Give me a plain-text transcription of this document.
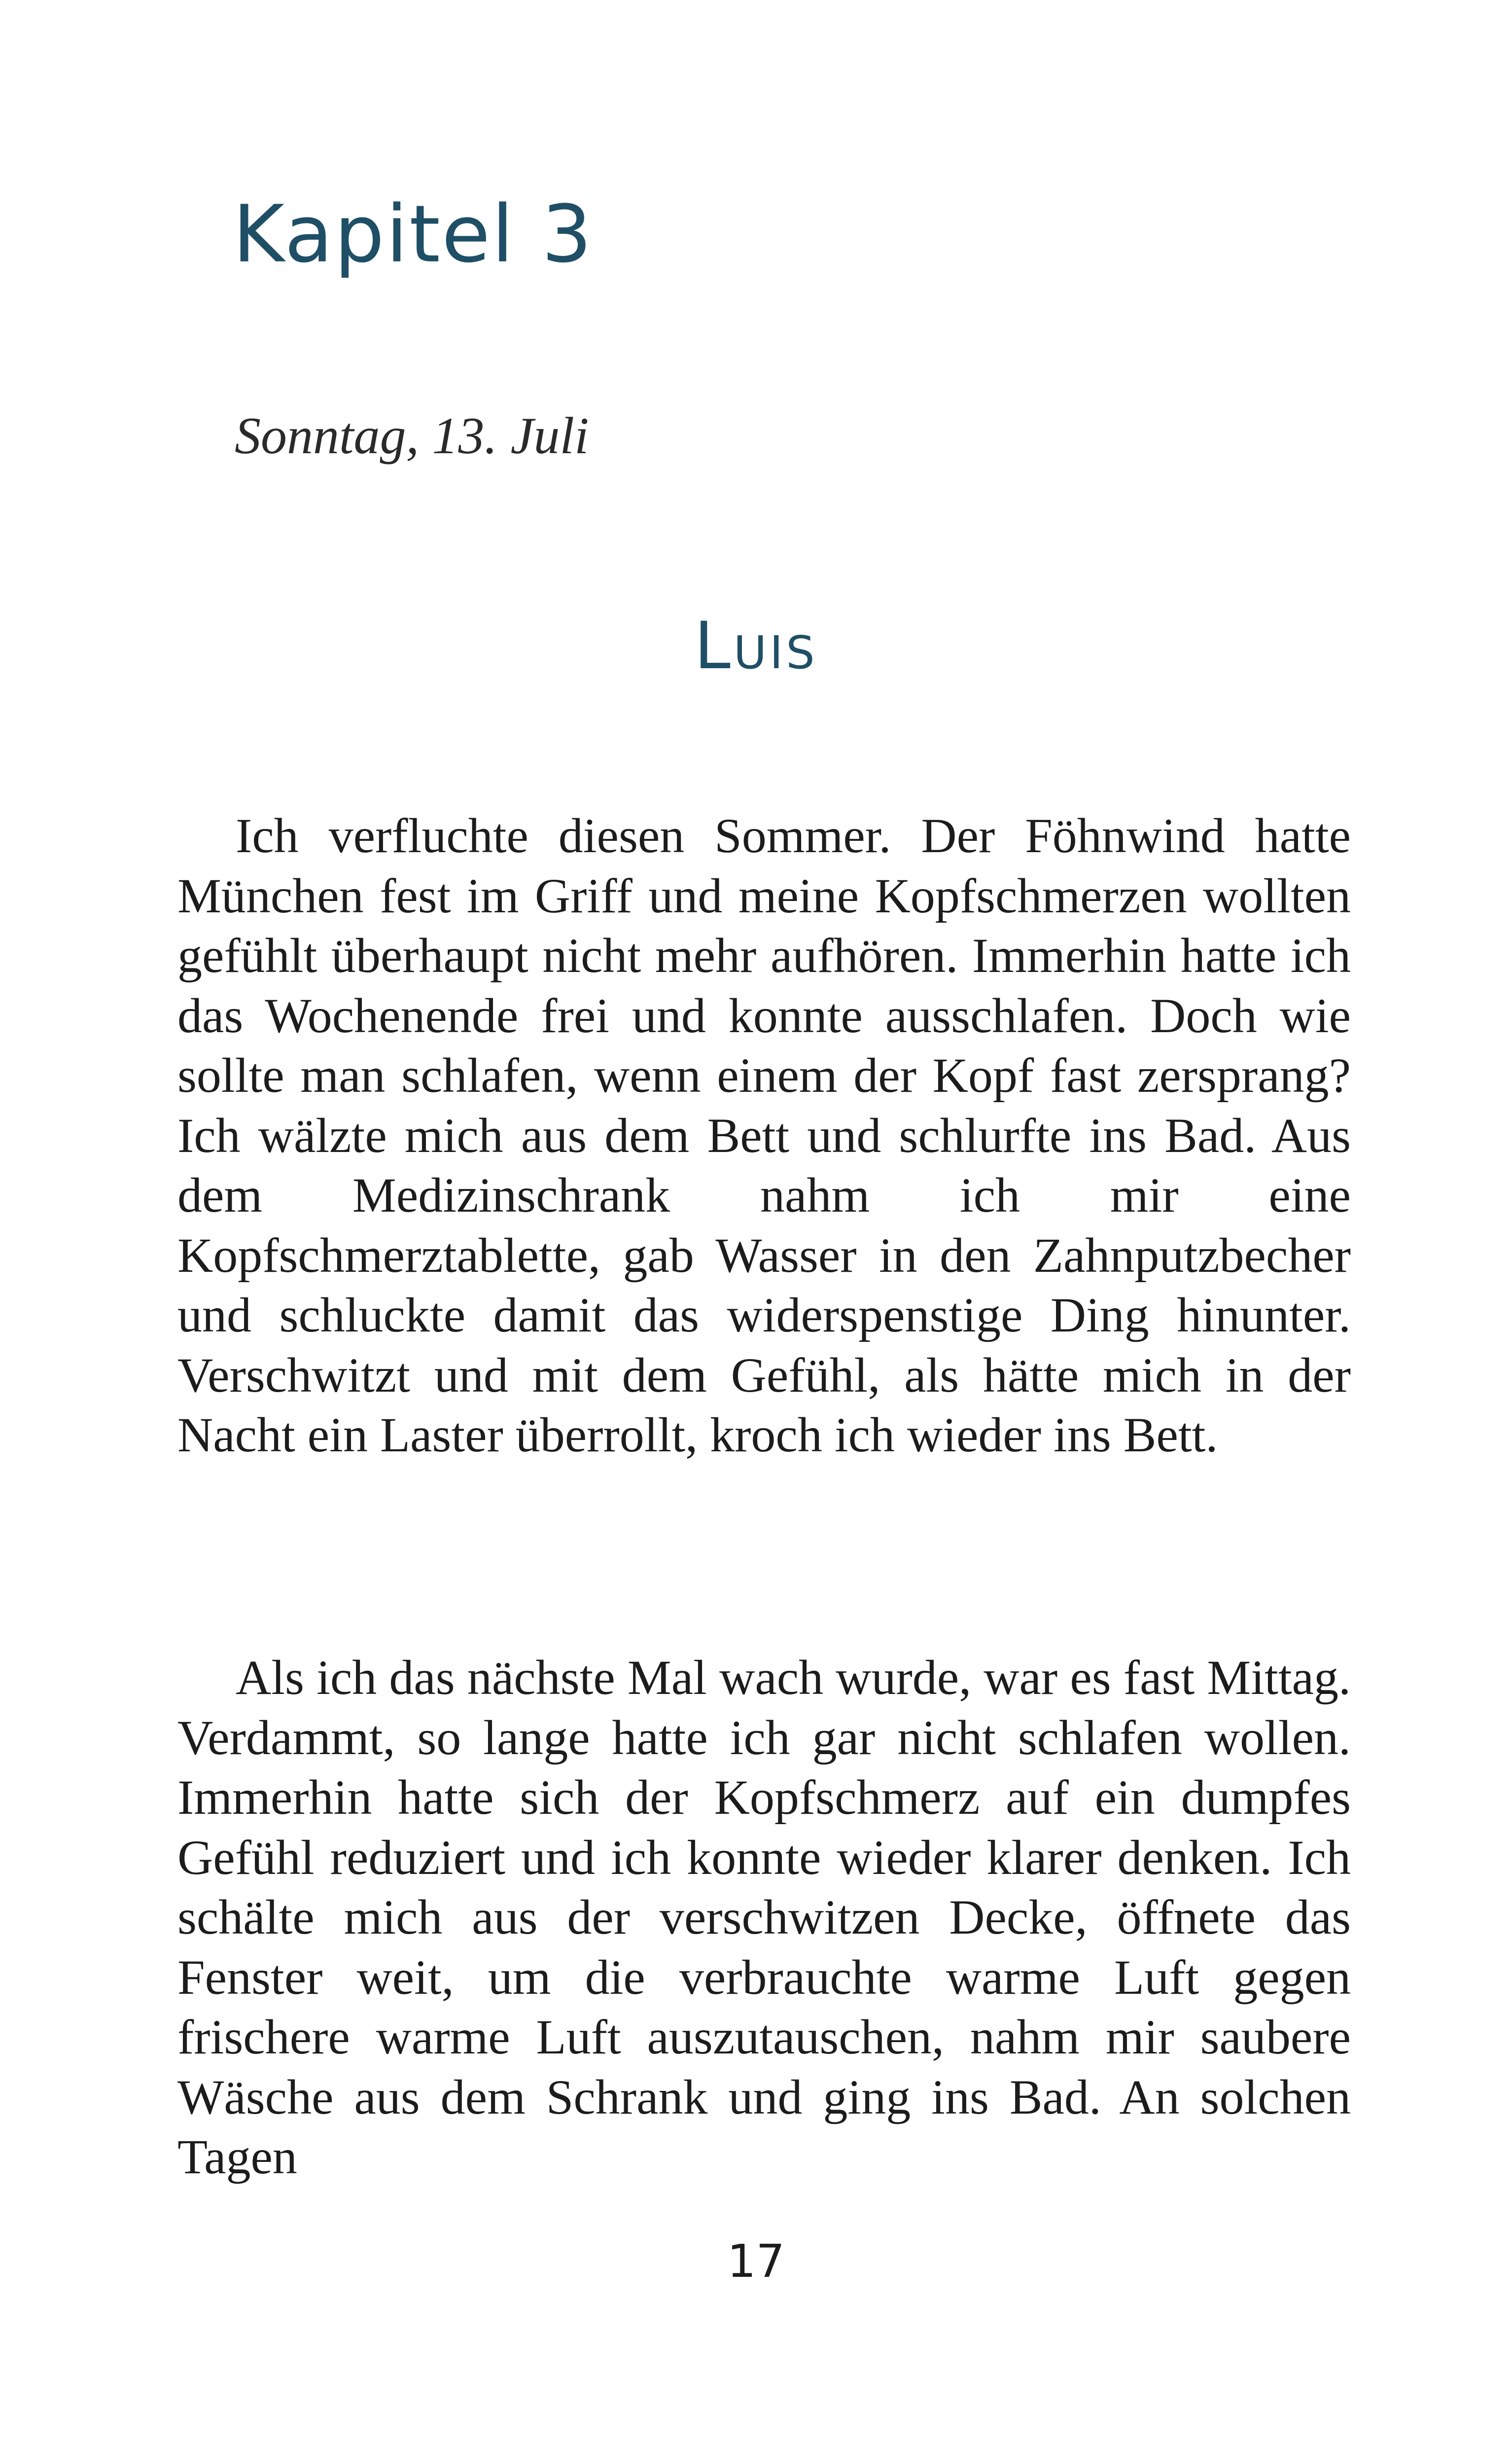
Kapitel 3

Sonntag, 13. Juli

Luis

Ich verfluchte diesen Sommer. Der Föhnwind hatte München fest im Griff und meine Kopfschmerzen wollten gefühlt überhaupt nicht mehr aufhören. Immerhin hatte ich das Wochenende frei und konnte ausschlafen. Doch wie sollte man schlafen, wenn einem der Kopf fast zersprang? Ich wälzte mich aus dem Bett und schlurfte ins Bad. Aus dem Medizinschrank nahm ich mir eine Kopfschmerztablette, gab Wasser in den Zahnputzbecher und schluckte damit das widerspenstige Ding hinunter. Verschwitzt und mit dem Gefühl, als hätte mich in der Nacht ein Laster überrollt, kroch ich wieder ins Bett.

Als ich das nächste Mal wach wurde, war es fast Mittag. Verdammt, so lange hatte ich gar nicht schlafen wollen. Immerhin hatte sich der Kopfschmerz auf ein dumpfes Gefühl reduziert und ich konnte wieder klarer denken. Ich schälte mich aus der verschwitzen Decke, öffnete das Fenster weit, um die verbrauchte warme Luft gegen frischere warme Luft auszutauschen, nahm mir saubere Wäsche aus dem Schrank und ging ins Bad. An solchen Tagen

17
